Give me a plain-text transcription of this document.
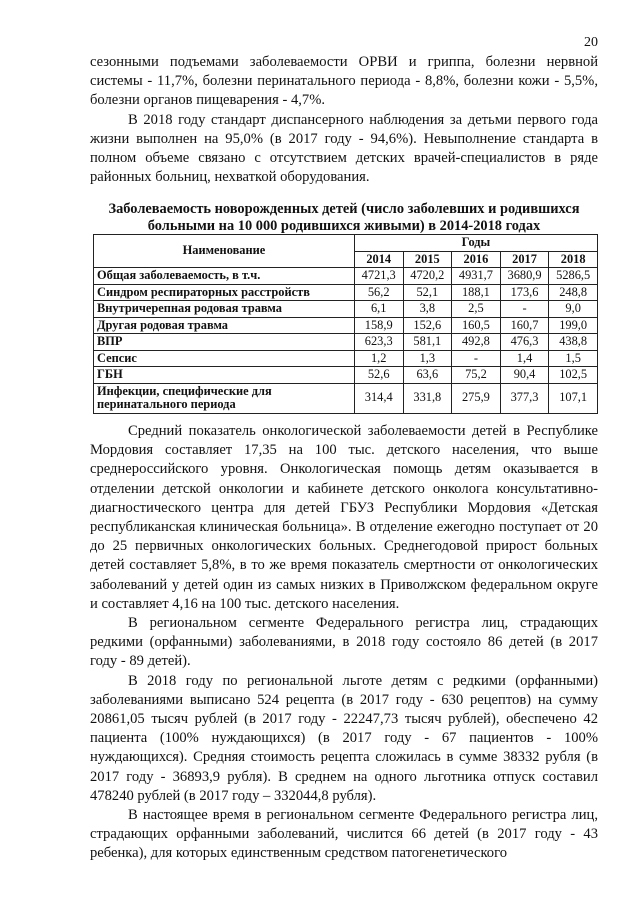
20

сезонными подъемами заболеваемости ОРВИ и гриппа, болезни нервной системы - 11,7%, болезни перинатального периода - 8,8%, болезни кожи - 5,5%, болезни органов пищеварения - 4,7%.

В 2018 году стандарт диспансерного наблюдения за детьми первого года жизни выполнен на 95,0% (в 2017 году - 94,6%). Невыполнение стандарта в полном объеме связано с отсутствием детских врачей-специалистов в ряде районных больниц, нехваткой оборудования.

Заболеваемость новорожденных детей (число заболевших и родившихся больными на 10 000 родившихся живыми) в 2014-2018 годах
Наименование	Годы				
	2014	2015	2016	2017	2018
Общая заболеваемость, в т.ч.	4721,3	4720,2	4931,7	3680,9	5286,5
Синдром респираторных расстройств	56,2	52,1	188,1	173,6	248,8
Внутричерепная родовая травма	6,1	3,8	2,5	-	9,0
Другая родовая травма	158,9	152,6	160,5	160,7	199,0
ВПР	623,3	581,1	492,8	476,3	438,8
Сепсис	1,2	1,3	-	1,4	1,5
ГБН	52,6	63,6	75,2	90,4	102,5
Инфекции, специфические для перинатального периода	314,4	331,8	275,9	377,3	107,1

Средний показатель онкологической заболеваемости детей в Республике Мордовия составляет 17,35 на 100 тыс. детского населения, что выше среднероссийского уровня. Онкологическая помощь детям оказывается в отделении детской онкологии и кабинете детского онколога консультативно-диагностического центра для детей ГБУЗ Республики Мордовия «Детская республиканская клиническая больница». В отделение ежегодно поступает от 20 до 25 первичных онкологических больных. Среднегодовой прирост больных детей составляет 5,8%, в то же время показатель смертности от онкологических заболеваний у детей один из самых низких в Приволжском федеральном округе и составляет 4,16 на 100 тыс. детского населения.

В региональном сегменте Федерального регистра лиц, страдающих редкими (орфанными) заболеваниями, в 2018 году состояло 86 детей (в 2017 году - 89 детей).

В 2018 году по региональной льготе детям с редкими (орфанными) заболеваниями выписано 524 рецепта (в 2017 году - 630 рецептов) на сумму 20861,05 тысяч рублей (в 2017 году - 22247,73 тысяч рублей), обеспечено 42 пациента (100% нуждающихся) (в 2017 году - 67 пациентов - 100% нуждающихся). Средняя стоимость рецепта сложилась в сумме 38332 рубля (в 2017 году - 36893,9 рубля). В среднем на одного льготника отпуск составил 478240 рублей (в 2017 году – 332044,8 рубля).

В настоящее время в региональном сегменте Федерального регистра лиц, страдающих орфанными заболеваний, числится 66 детей (в 2017 году - 43 ребенка), для которых единственным средством патогенетического
